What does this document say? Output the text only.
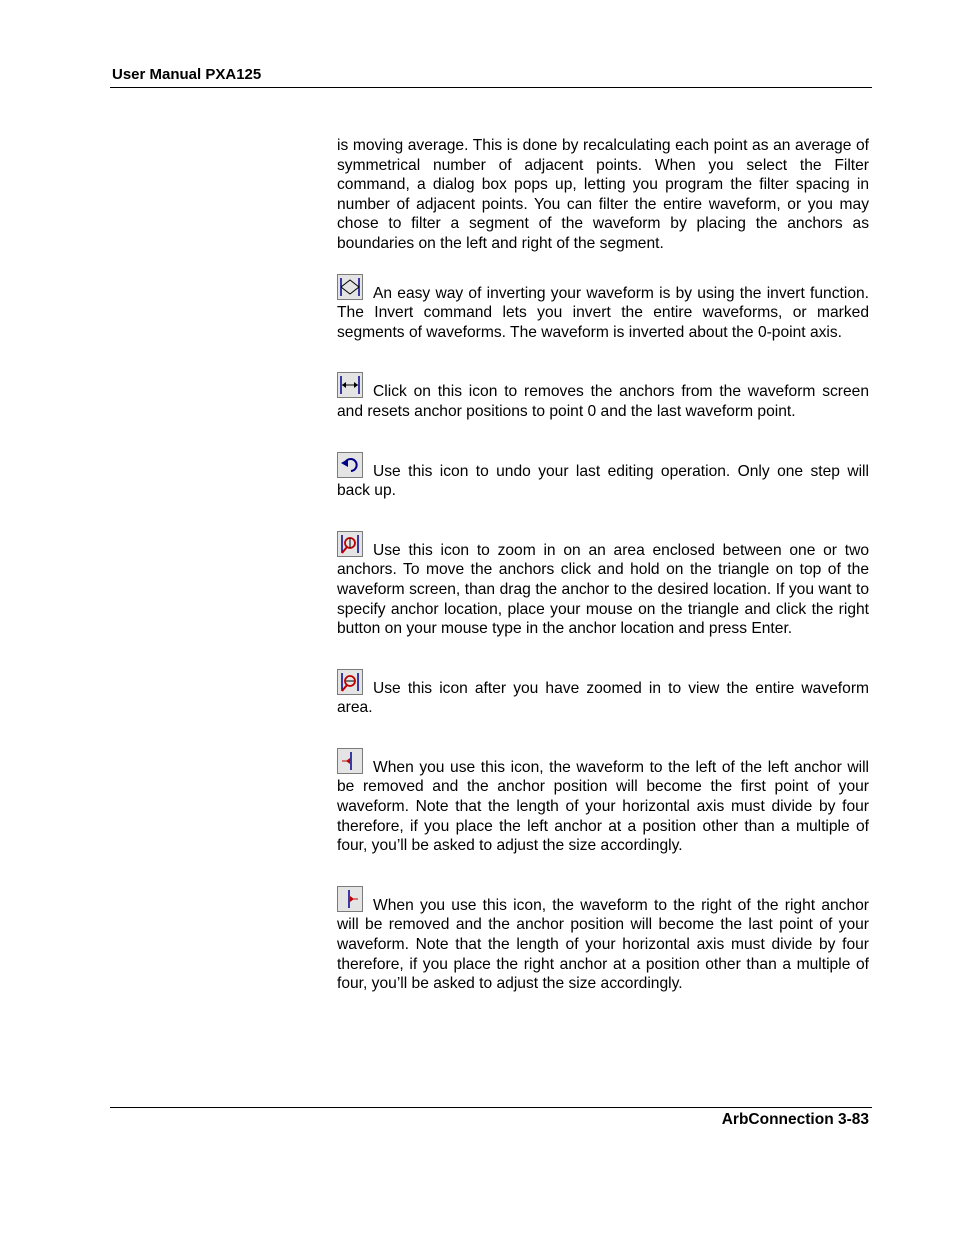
User Manual PXA125

is moving average. This is done by recalculating each point as an average of symmetrical number of adjacent points. When you select the Filter command, a dialog box pops up, letting you program the filter spacing in number of adjacent points. You can filter the entire waveform, or you may chose to filter a segment of the waveform by placing the anchors as boundaries on the left and right of the segment.

An easy way of inverting your waveform is by using the invert function. The Invert command lets you invert the entire waveforms, or marked segments of waveforms. The waveform is inverted about the 0-point axis.

Click on this icon to removes the anchors from the waveform screen and resets anchor positions to point 0 and the last waveform point.

Use this icon to undo your last editing operation. Only one step will back up.

Use this icon to zoom in on an area enclosed between one or two anchors. To move the anchors click and hold on the triangle on top of the waveform screen, than drag the anchor to the desired location. If you want to specify anchor location, place your mouse on the triangle and click the right button on your mouse type in the anchor location and press Enter.

Use this icon after you have zoomed in to view the entire waveform area.

When you use this icon, the waveform to the left of the left anchor will be removed and the anchor position will become the first point of your waveform. Note that the length of your horizontal axis must divide by four therefore, if you place the left anchor at a position other than a multiple of four, you’ll be asked to adjust the size accordingly.

When you use this icon, the waveform to the right of the right anchor will be removed and the anchor position will become the last point of your waveform. Note that the length of your horizontal axis must divide by four therefore, if you place the right anchor at a position other than a multiple of four, you’ll be asked to adjust the size accordingly.

ArbConnection 3-83
